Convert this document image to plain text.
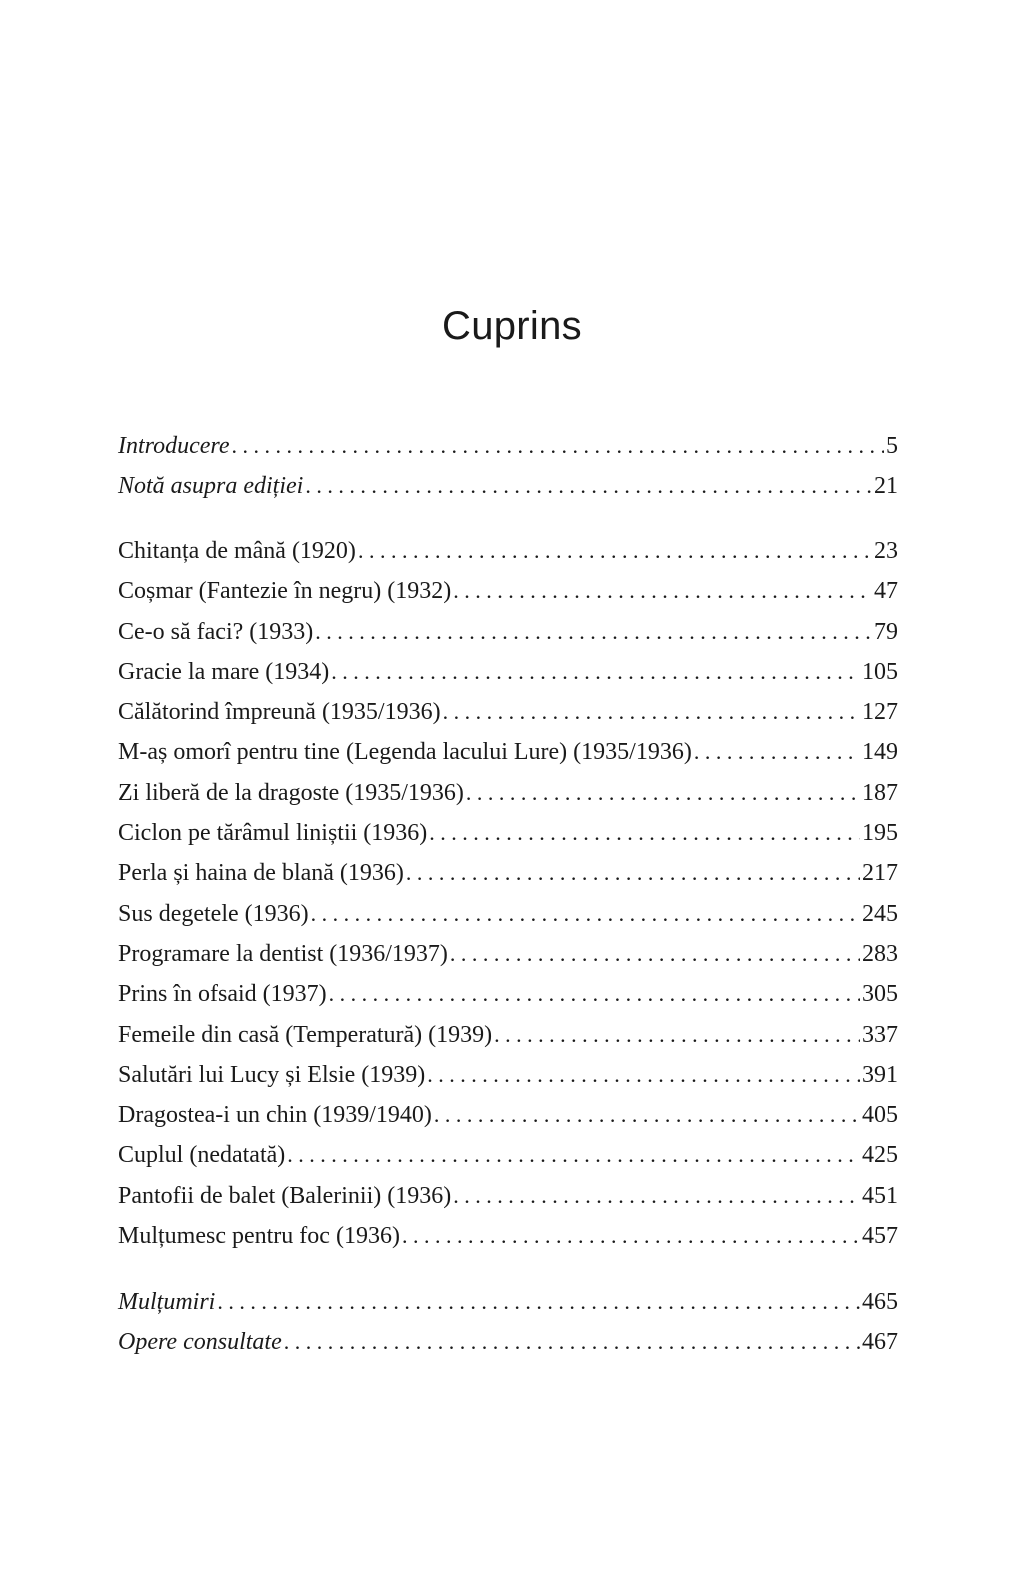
Cuprins
Introducere . . .	5
Notă asupra ediției . . .	21
Chitanța de mână (1920) . . .	23
Coșmar (Fantezie în negru) (1932) . . .	47
Ce-o să faci? (1933) . . .	79
Gracie la mare (1934) . . .	105
Călătorind împreună (1935/1936) . . .	127
M-aș omorî pentru tine (Legenda lacului Lure) (1935/1936) . . .	149
Zi liberă de la dragoste (1935/1936) . . .	187
Ciclon pe tărâmul liniștii (1936) . . .	195
Perla și haina de blană (1936) . . .	217
Sus degetele (1936) . . .	245
Programare la dentist (1936/1937) . . .	283
Prins în ofsaid (1937) . . .	305
Femeile din casă (Temperatură) (1939) . . .	337
Salutări lui Lucy și Elsie (1939) . . .	391
Dragostea-i un chin (1939/1940) . . .	405
Cuplul (nedatată) . . .	425
Pantofii de balet (Balerinii) (1936) . . .	451
Mulțumesc pentru foc (1936) . . .	457
Mulțumiri . . .	465
Opere consultate . . .	467
